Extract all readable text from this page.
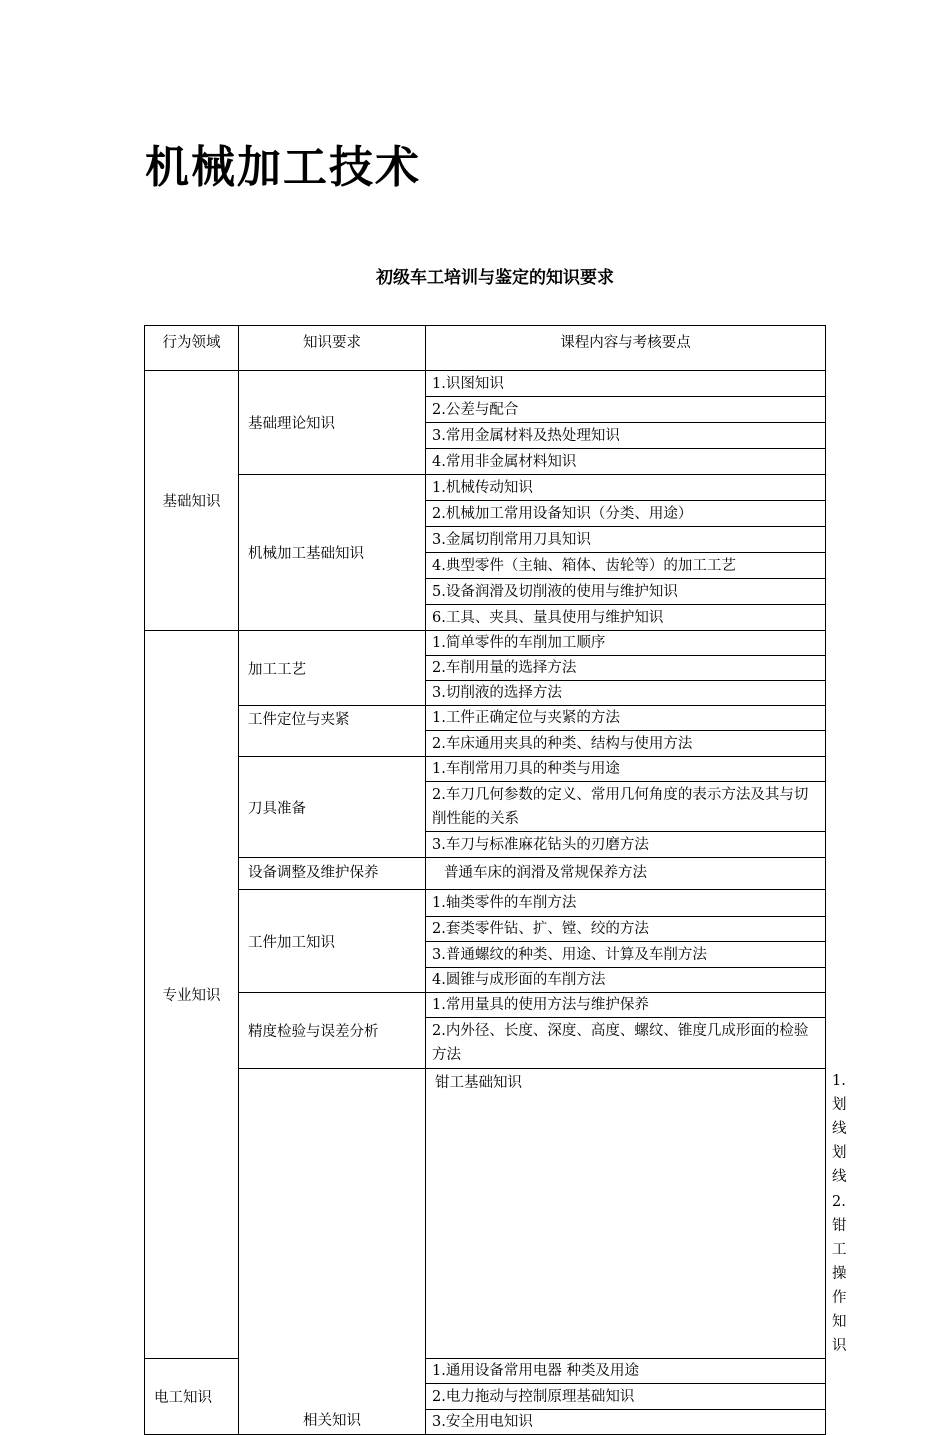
机械加工技术
初级车工培训与鉴定的知识要求
行为领域	知识要求	课程内容与考核要点	
基础知识	基础理论知识	1.识图知识	
		2.公差与配合	
		3.常用金属材料及热处理知识	
		4.常用非金属材料知识	
	机械加工基础知识	1.机械传动知识	
		2.机械加工常用设备知识（分类、用途）	
		3.金属切削常用刀具知识	
		4.典型零件（主轴、箱体、齿轮等）的加工工艺	
		5.设备润滑及切削液的使用与维护知识	
		6.工具、夹具、量具使用与维护知识	
专业知识	加工工艺	1.简单零件的车削加工顺序	
		2.车削用量的选择方法	
		3.切削液的选择方法	
	工件定位与夹紧	1.工件正确定位与夹紧的方法	
		2.车床通用夹具的种类、结构与使用方法	
	刀具准备	1.车削常用刀具的种类与用途	
		2.车刀几何参数的定义、常用几何角度的表示方法及其与切削性能的关系	
		3.车刀与标准麻花钻头的刃磨方法	
	设备调整及维护保养	普通车床的润滑及常规保养方法	
	工件加工知识	1.轴类零件的车削方法	
		2.套类零件钻、扩、镗、绞的方法	
		3.普通螺纹的种类、用途、计算及车削方法	
		4.圆锥与成形面的车削方法	
	精度检验与误差分析	1.常用量具的使用方法与维护保养	
		2.内外径、长度、深度、高度、螺纹、锥度几成形面的检验方法	
	相关知识	钳工基础知识	1.划线划线
			2.钳工操作知识
电工知识		1.通用设备常用电器 种类及用途	
		2.电力拖动与控制原理基础知识	
		3.安全用电知识	
